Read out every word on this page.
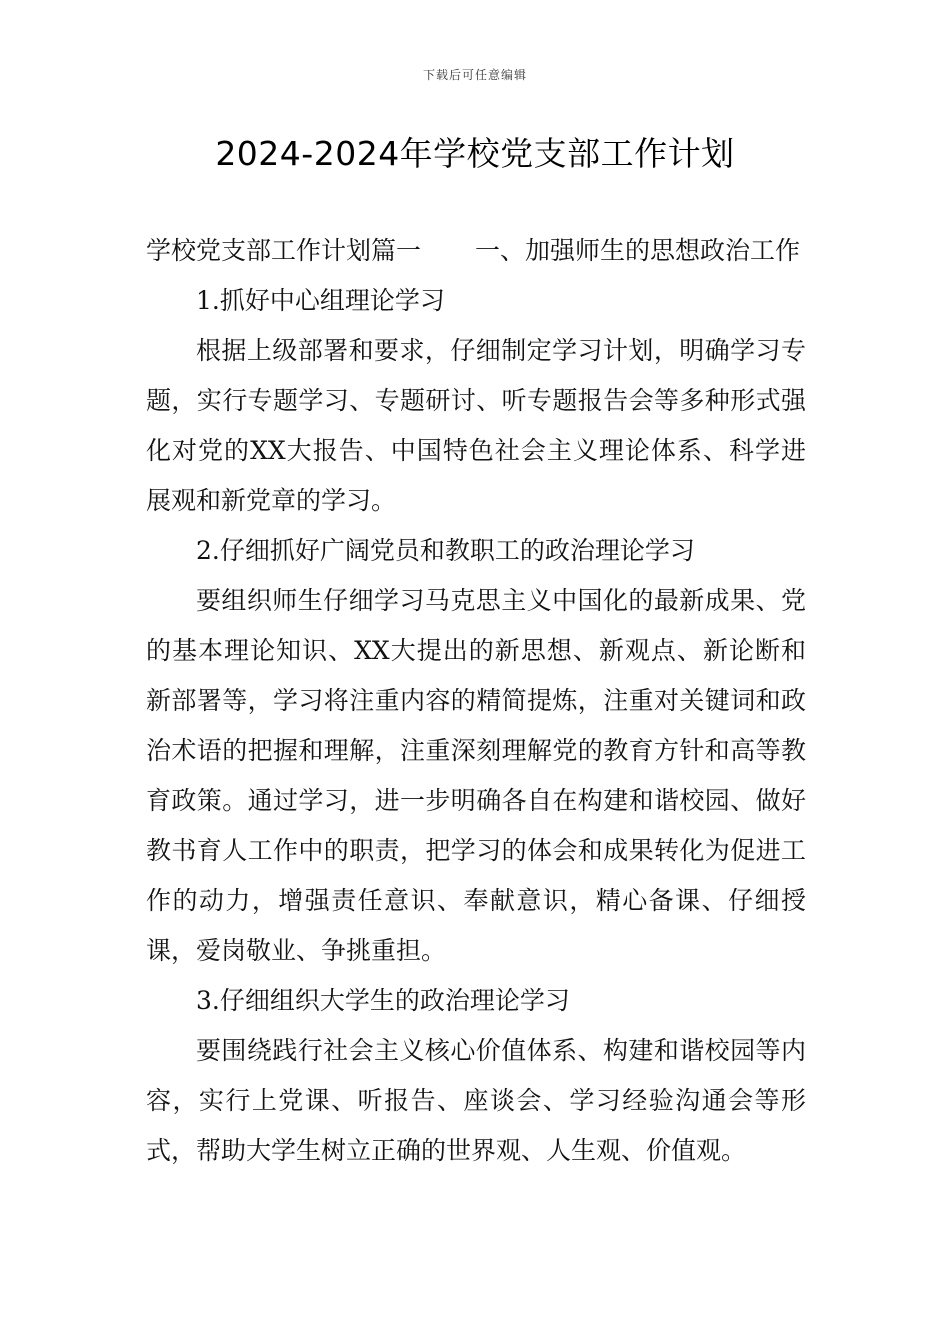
下载后可任意编辑
2024-2024年学校党支部工作计划

学校党支部工作计划篇一 一、加强师生的思想政治工作

1.抓好中心组理论学习

根据上级部署和要求，仔细制定学习计划，明确学习专题，实行专题学习、专题研讨、听专题报告会等多种形式强化对党的XX大报告、中国特色社会主义理论体系、科学进展观和新党章的学习。

2.仔细抓好广阔党员和教职工的政治理论学习

要组织师生仔细学习马克思主义中国化的最新成果、党的基本理论知识、XX大提出的新思想、新观点、新论断和新部署等，学习将注重内容的精简提炼，注重对关键词和政治术语的把握和理解，注重深刻理解党的教育方针和高等教育政策。通过学习，进一步明确各自在构建和谐校园、做好教书育人工作中的职责，把学习的体会和成果转化为促进工作的动力，增强责任意识、奉献意识，精心备课、仔细授课，爱岗敬业、争挑重担。

3.仔细组织大学生的政治理论学习

要围绕践行社会主义核心价值体系、构建和谐校园等内容，实行上党课、听报告、座谈会、学习经验沟通会等形式，帮助大学生树立正确的世界观、人生观、价值观。
